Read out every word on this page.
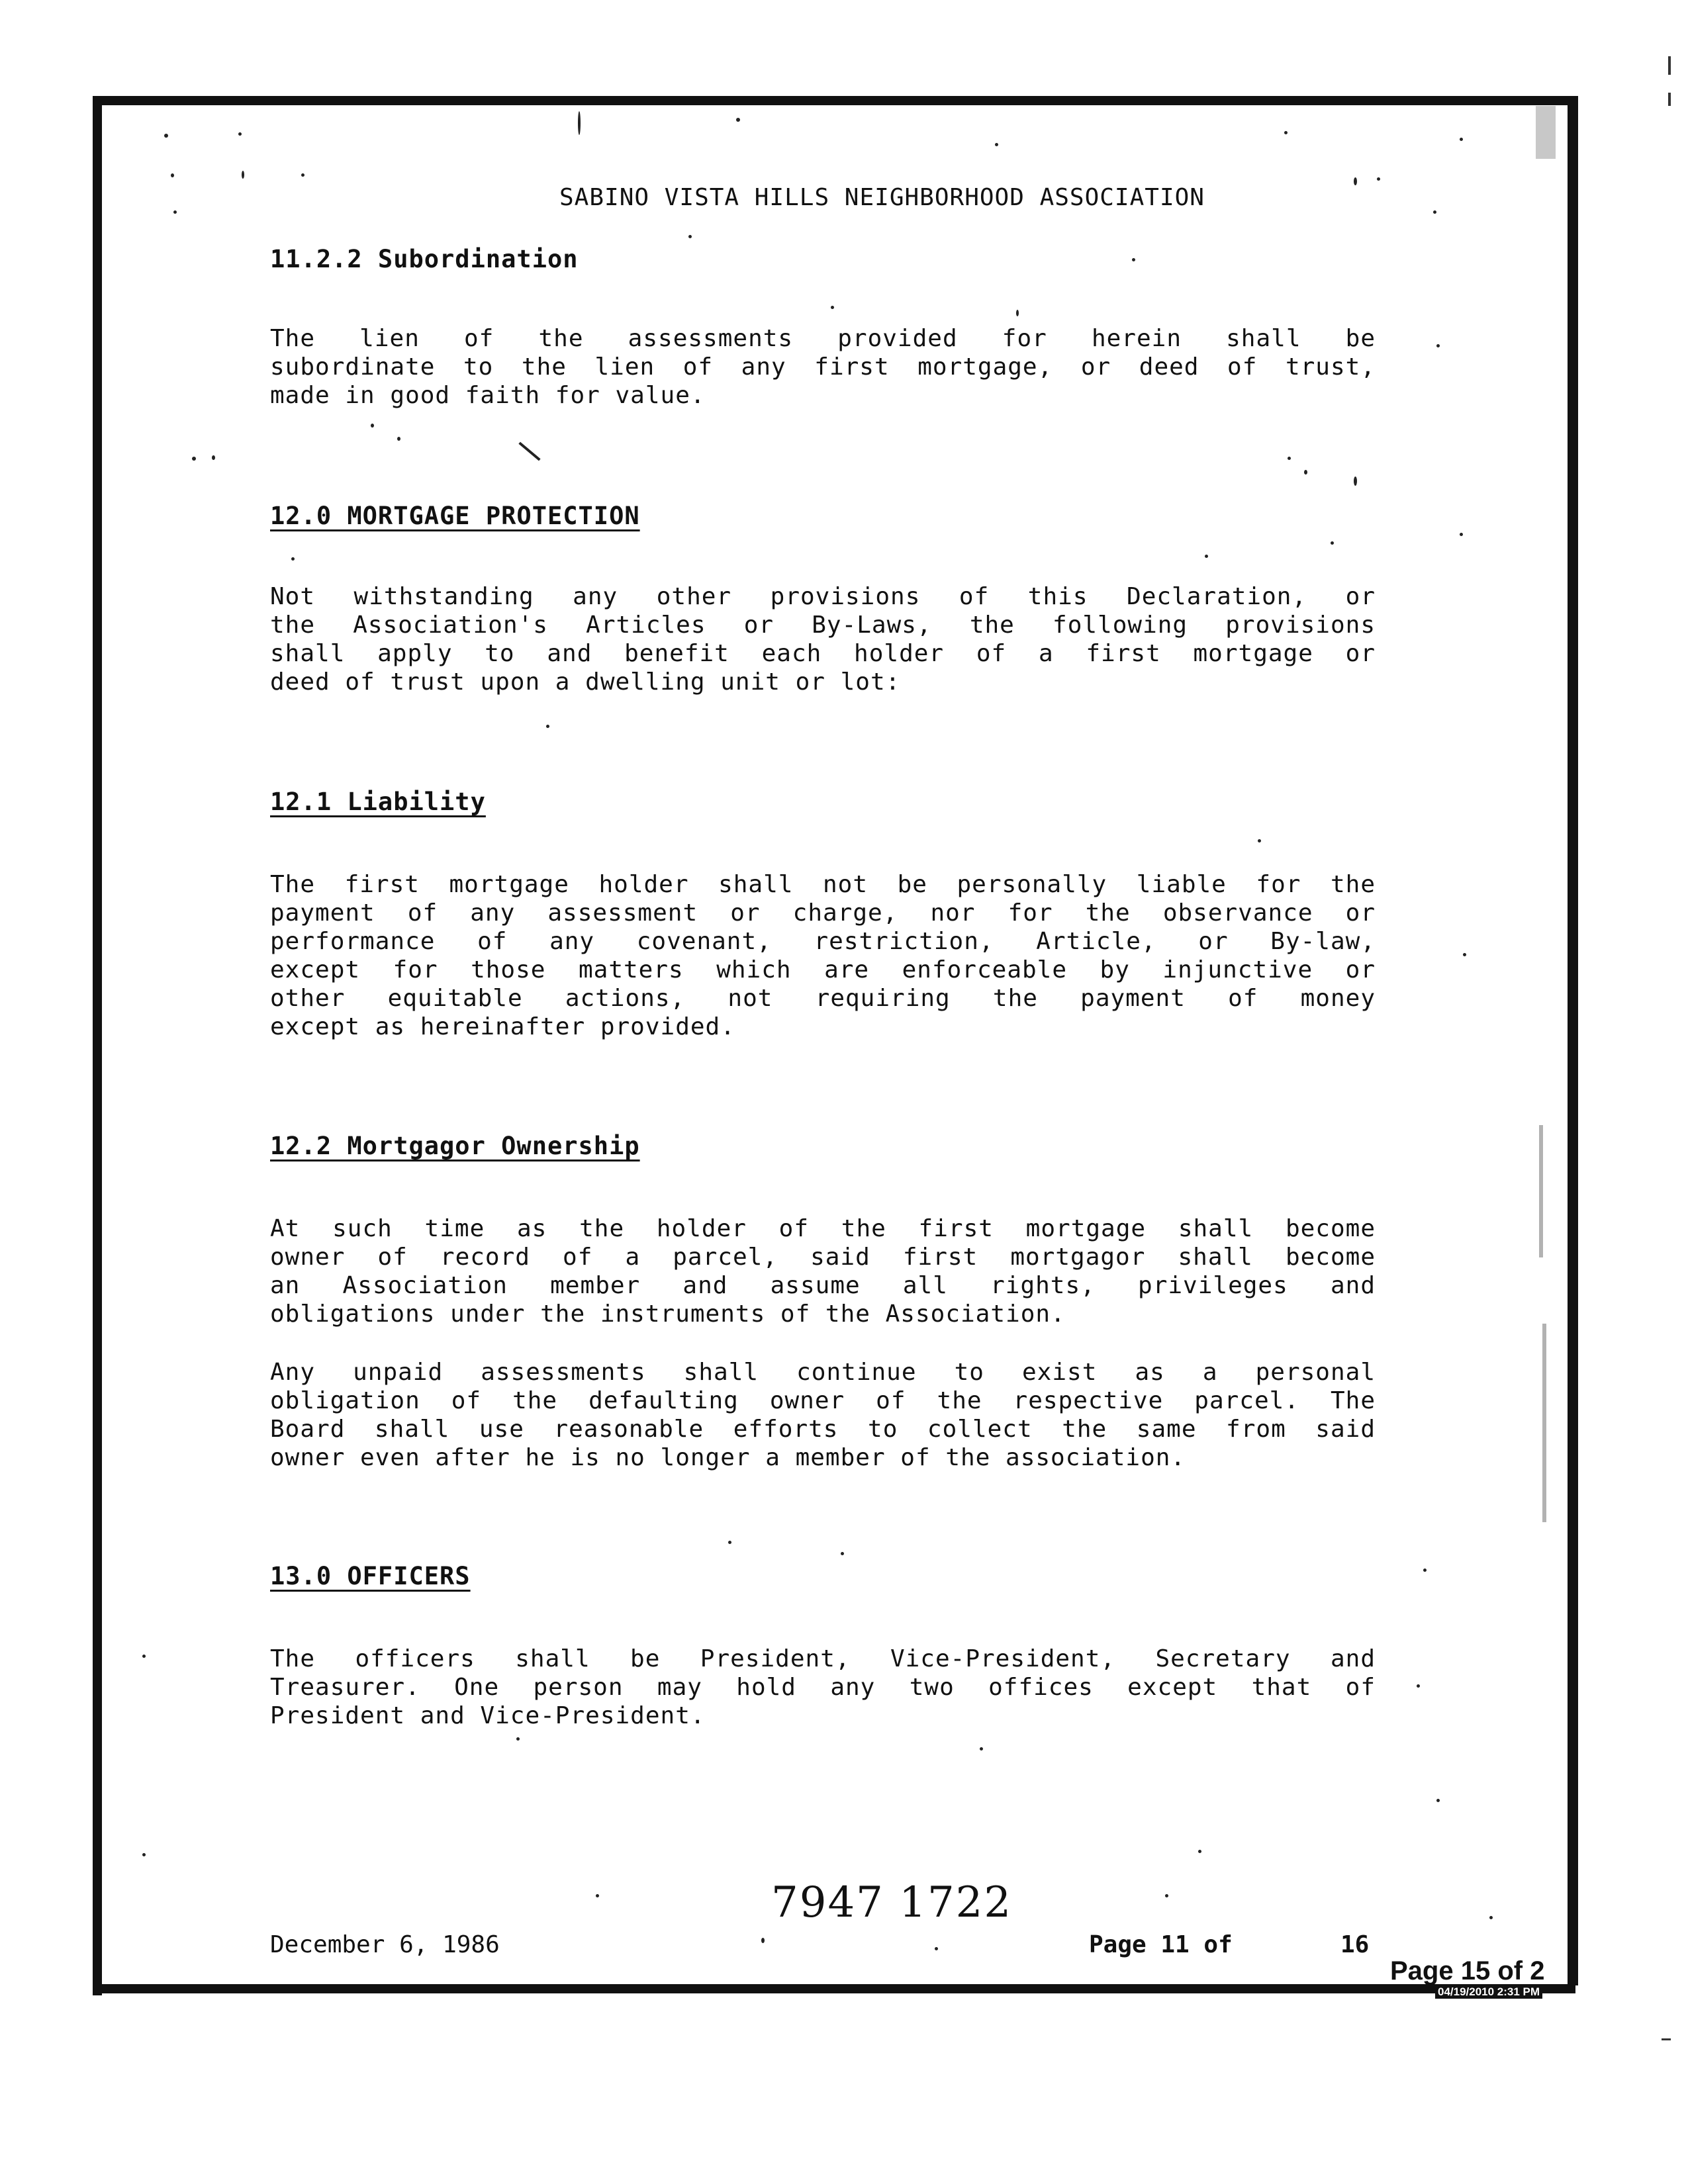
SABINO VISTA HILLS NEIGHBORHOOD ASSOCIATION
11.2.2 Subordination
The lien of the assessments provided for herein shall be
subordinate to the lien of any first mortgage, or deed of trust,
made in good faith for value.
12.0 MORTGAGE PROTECTION
Not withstanding any other provisions of this Declaration, or
the Association's Articles or By-Laws, the following provisions
shall apply to and benefit each holder of a first mortgage or
deed of trust upon a dwelling unit or lot:
12.1 Liability
The first mortgage holder shall not be personally liable for the
payment of any assessment or charge, nor for the observance or
performance of any covenant, restriction, Article, or By-law,
except for those matters which are enforceable by injunctive or
other equitable actions, not requiring the payment of money
except as hereinafter provided.
12.2 Mortgagor Ownership
At such time as the holder of the first mortgage shall become
owner of record of a parcel, said first mortgagor shall become
an Association member and assume all rights, privileges and
obligations under the instruments of the Association.
Any unpaid assessments shall continue to exist as a personal
obligation of the defaulting owner of the respective parcel. The
Board shall use reasonable efforts to collect the same from said
owner even after he is no longer a member of the association.
13.0 OFFICERS
The officers shall be President, Vice-President, Secretary and
Treasurer. One person may hold any two offices except that of
President and Vice-President.
7947 1722
December 6, 1986	Page 11 of	16
Page 15 of 2
04/19/2010 2:31 PM
